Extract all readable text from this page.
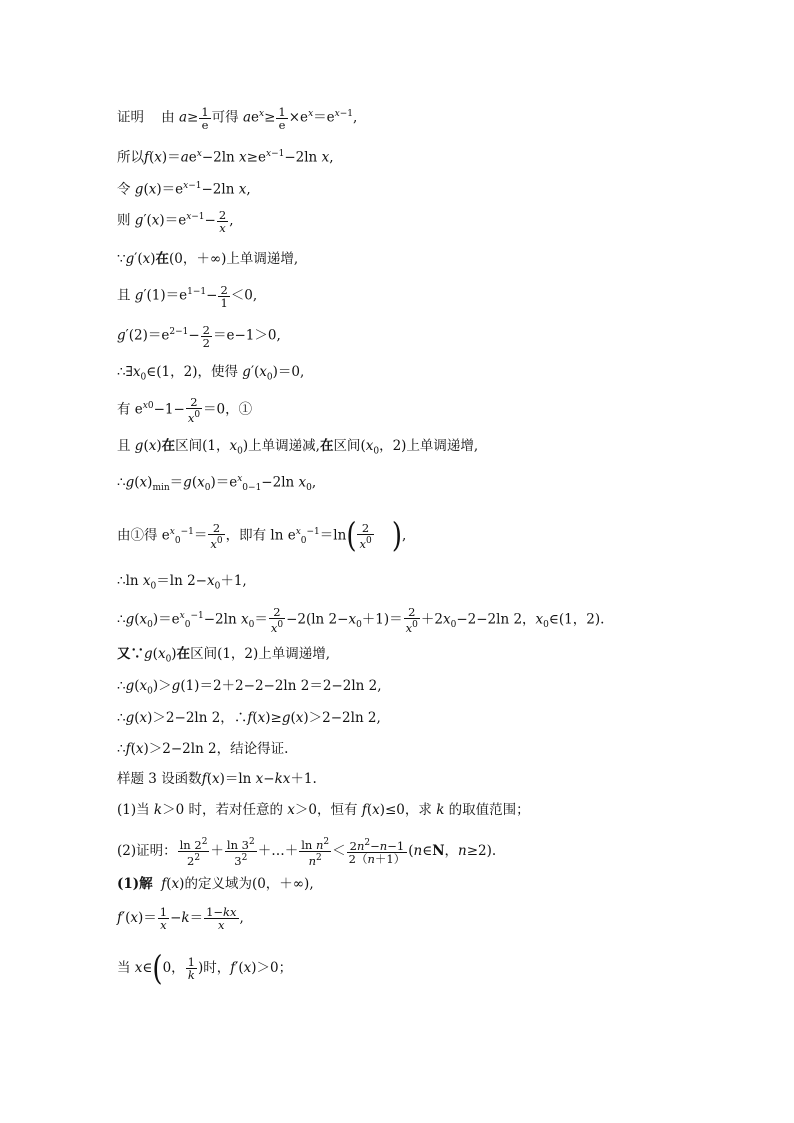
证明 由 $a\ge \frac{1}{e}$ 可得 $ae^x\ge \frac{1}{e} \times e^x=e^{x-1}$,
所以$f(x)=ae^x-2\ln$ $x\ge e^{x-1}-2\ln$ x,
令 $g(x)=e^{x-1}-2\ln$ x,
则 $g'(x)=e^{x-1}- \frac{2}{x}$ ,
∵g′(x)在(0，＋∞)上单调递增,
且 $g'(1)=e^{1-1}- \frac{2}{1} <0$,
$g'(2)=e^{2-1}- \frac{2}{2} =e-1>0$,
$\therefore\exists x_0\in(1$，2)，使得 $g'(x_0)=0$,
有 $e^{x0}-1- \frac{2}{x^0} =0$，①
且 g(x)在区间(1，$x_0$)上单调递减,在区间($x_0$，2)上单调递增,
$\therefore g(x)_{min}=g(x_0)=e^x_{0-1}-2\ln$ $x_0$,
由①得 $e^x_0^{-1}= \frac{2}{x^0}$ ，即有 $\ln e^x_0^{-1}=\ln( \frac{2}{x^0}$ ),
∴ln $x_0=\ln$ $2-x_0+1$,
$\therefore g(x_0)=e^x_0^{-1}-2\ln$ $x_0= \frac{2}{x^0} -2(\ln$ $2-x_0+1)= \frac{2}{x^0} +2x_0-2-2\ln$ 2，$x_0\in(1$，2).
又$\because g(x_0)$在区间(1，2)上单调递增,
$\therefore g(x_0)>g(1)=2+2-2-2\ln$ 2＝2−2ln 2,
∴g(x)＞2−2ln 2，∴f(x)≥g(x)＞2−2ln 2,
∴f(x)＞2−2ln 2，结论得证.
样题 3 设函数f(x)＝ln x−kx＋1.
(1)当 k＞0 时，若对任意的 x＞0，恒有 f(x)≤0，求 k 的取值范围；
(2)证明： $\frac{\ln 2^2}{2^2} + \frac{\ln 3^2}{3^2}$ ＋…＋ $\frac{\ln n^2}{n^2} < \frac{2n^2-n-1}{2(n+1)}$ (n∈N，n≥2).
(1)解 f(x)的定义域为(0，＋∞),
$f'(x)= \frac{1}{x} -k= \frac{1-kx}{x}$ ,
当 x∈(0， $\frac{1}{k}$ )时，f′(x)＞0；
